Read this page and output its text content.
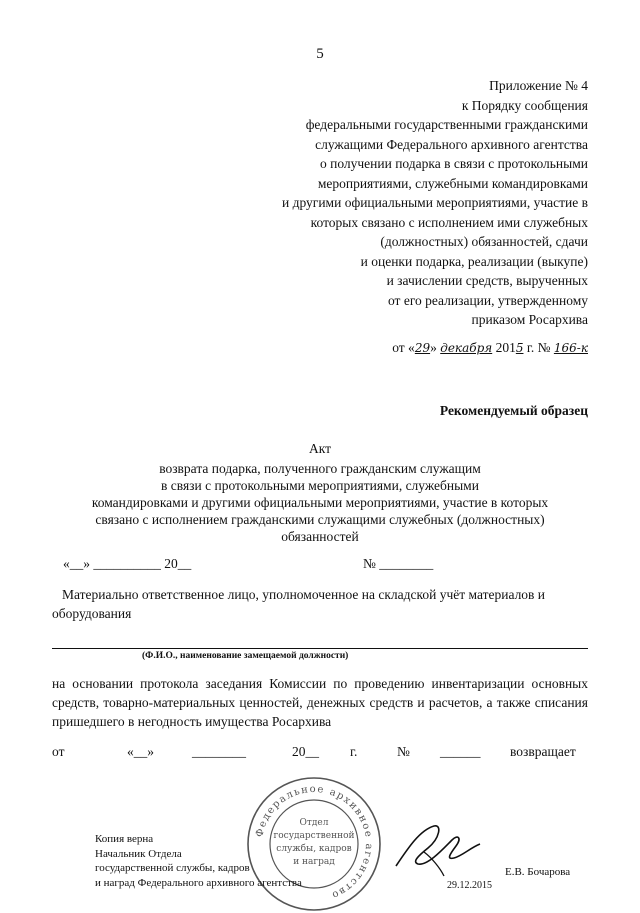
5
Приложение № 4
к Порядку сообщения
федеральными государственными гражданскими
служащими Федерального архивного агентства
о получении подарка в связи с протокольными
мероприятиями, служебными командировками
и другими официальными мероприятиями, участие в
которых связано с исполнением ими служебных
(должностных) обязанностей, сдачи
и оценки подарка, реализации (выкупе)
и зачислении средств, вырученных
от его реализации, утвержденному
приказом Росархива
от «29» декабря 2015 г. № 166-к
Рекомендуемый образец
Акт
возврата подарка, полученного гражданским служащим
в связи с протокольными мероприятиями, служебными
командировками и другими официальными мероприятиями, участие в которых
связано с исполнением гражданскими служащими служебных (должностных)
обязанностей
«__» __________ 20__	№ ________
Материально ответственное лицо, уполномоченное на складской учёт материалов и оборудования
(Ф.И.О., наименование замещаемой должности)
на основании протокола заседания Комиссии по проведению инвентаризации основных средств, товарно-материальных ценностей, денежных средств и расчетов, а также списания пришедшего в негодность имущества Росархива
от	«__»	________	20__ г.	№ ______ возвращает
Федеральное архивное агентство
Отдел
государственной
службы, кадров
и наград
Копия верна
Начальник Отдела
государственной службы, кадров
и наград Федерального архивного агентства
Е.В. Бочарова
29.12.2015
